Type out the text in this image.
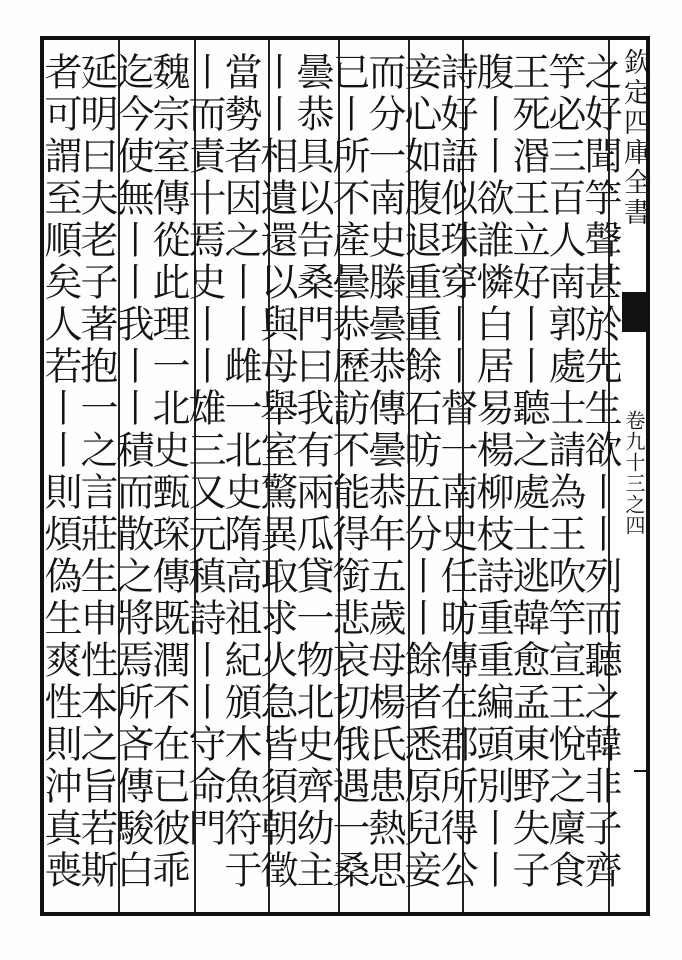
欽定四庫全書
卷九十三之四
之好聞竽聲甚於先生欲丨丨列而聽之韓非子齊
竽必三百人南郭處士請為王吹竽宣王悅之廩食
王死湣王立好丨丨聽之處士逃韓愈孟東野失子
腹丨丨欲誰憐白居易楊柳枝詩重重編頭別丨丨
詩好語似珠穿丨丨督一南史任昉傳在郡所得公
妾心如腹退重重餘石昉五分丨丨餘者悉原兒妾
而分一南史滕曇恭傳曇恭年五歲母楊氏患熱思
已丨所不產曇恭歷訪不能得銜悲哀切俄遇一桑
曇恭具以告桑門曰我有兩瓜貸一物北史齊幼主
丨丨相遺還以與母舉室驚異取求火急皆須朝徵
當勢者因之丨丨雌一北史隋高祖紀頒木魚符于
丨而責十焉史丨丨雄三又元稹詩丨丨守命門
魏宗室傳從此理一北史甄琛傳既潤不在已彼乖
迄今使無丨丨我丨丨積而散之將焉所吝傳駿白
延明曰夫老子著抱一之言莊生申性本之旨若斯
者可謂至順矣人若丨丨則煩偽生爽性則沖真喪
